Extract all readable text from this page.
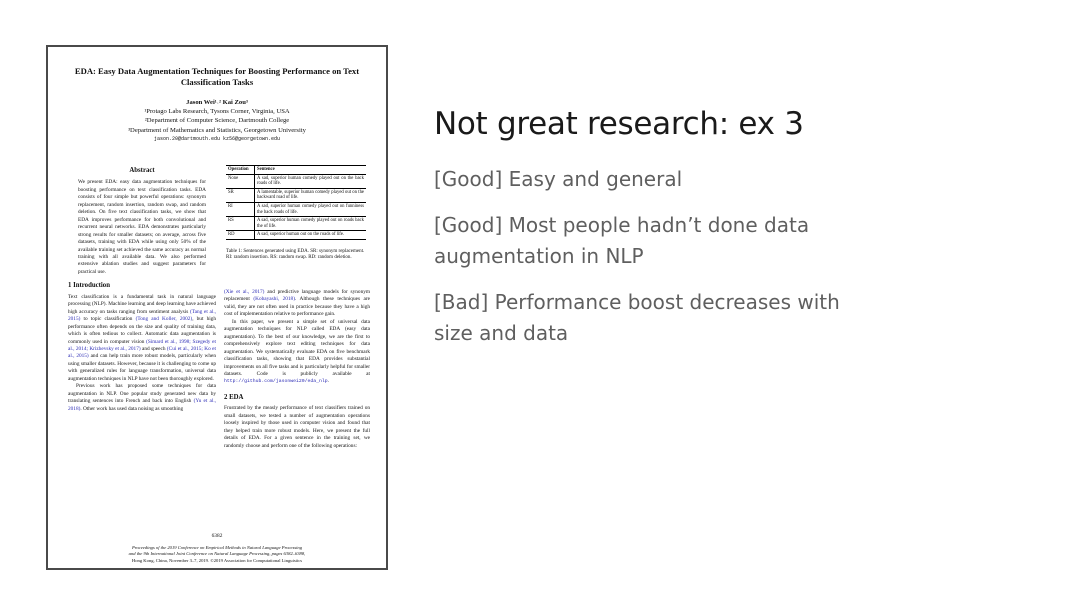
EDA: Easy Data Augmentation Techniques for Boosting Performance on Text Classification Tasks
Jason Wei¹˒² Kai Zou³
¹Protago Labs Research, Tysons Corner, Virginia, USA
²Department of Computer Science, Dartmouth College
³Department of Mathematics and Statistics, Georgetown University
jason.20@dartmouth.edu kz56@georgetown.edu
Abstract

We present EDA: easy data augmentation techniques for boosting performance on text classification tasks. EDA consists of four simple but powerful operations: synonym replacement, random insertion, random swap, and random deletion. On five text classification tasks, we show that EDA improves performance for both convolutional and recurrent neural networks. EDA demonstrates particularly strong results for smaller datasets; on average, across five datasets, training with EDA while using only 50% of the available training set achieved the same accuracy as normal training with all available data. We also performed extensive ablation studies and suggest parameters for practical use.

1 Introduction

Text classification is a fundamental task in natural language processing (NLP). Machine learning and deep learning have achieved high accuracy on tasks ranging from sentiment analysis (Tang et al., 2015) to topic classification (Tong and Koller, 2002), but high performance often depends on the size and quality of training data, which is often tedious to collect. Automatic data augmentation is commonly used in computer vision (Simard et al., 1998; Szegedy et al., 2014; Krizhevsky et al., 2017) and speech (Cui et al., 2015; Ko et al., 2015) and can help train more robust models, particularly when using smaller datasets. However, because it is challenging to come up with generalized rules for language transformation, universal data augmentation techniques in NLP have not been thoroughly explored.

Previous work has proposed some techniques for data augmentation in NLP. One popular study generated new data by translating sentences into French and back into English (Yu et al., 2018). Other work has used data noising as smoothing

Operation	Sentence
None	A sad, superior human comedy played out on the back roads of life.
SR	A lamentable, superior human comedy played out on the backward road of life.
RI	A sad, superior human comedy played out on funniness the back roads of life.
RS	A sad, superior human comedy played out on roads back the of life.
RD	A sad, superior human out on the roads of life.

Table 1: Sentences generated using EDA. SR: synonym replacement. RI: random insertion. RS: random swap. RD: random deletion.

(Xie et al., 2017) and predictive language models for synonym replacement (Kobayashi, 2018). Although these techniques are valid, they are not often used in practice because they have a high cost of implementation relative to performance gain.

In this paper, we present a simple set of universal data augmentation techniques for NLP called EDA (easy data augmentation). To the best of our knowledge, we are the first to comprehensively explore text editing techniques for data augmentation. We systematically evaluate EDA on five benchmark classification tasks, showing that EDA provides substantial improvements on all five tasks and is particularly helpful for smaller datasets. Code is publicly available at http://github.com/jasonwei20/eda_nlp.

2 EDA

Frustrated by the measly performance of text classifiers trained on small datasets, we tested a number of augmentation operations loosely inspired by those used in computer vision and found that they helped train more robust models. Here, we present the full details of EDA. For a given sentence in the training set, we randomly choose and perform one of the following operations:

6382
Proceedings of the 2019 Conference on Empirical Methods in Natural Language Processing
and the 9th International Joint Conference on Natural Language Processing, pages 6382–6388,
Hong Kong, China, November 3–7, 2019. ©2019 Association for Computational Linguistics
Not great research: ex 3
[Good] Easy and general
[Good] Most people hadn’t done data augmentation in NLP
[Bad] Performance boost decreases with size and data
